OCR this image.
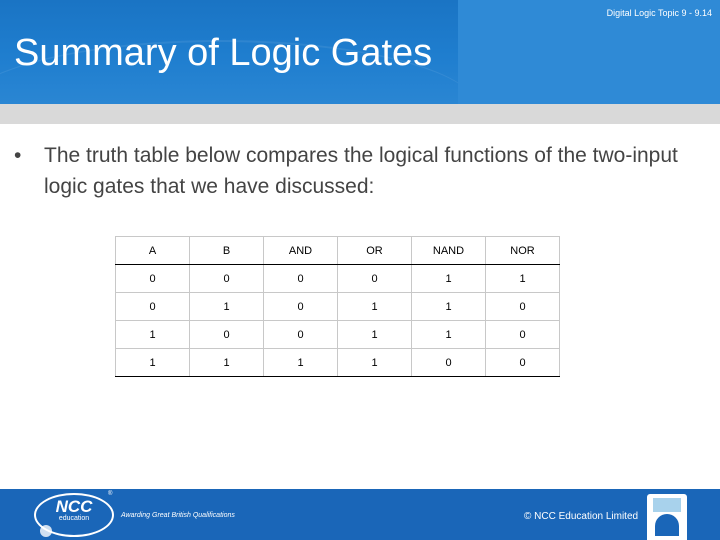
Digital Logic Topic 9 - 9.14
Summary of Logic Gates
•	The truth table below compares the logical functions of the two-input logic gates that we have discussed:
A	B	AND	OR	NAND	NOR
0	0	0	0	1	1
0	1	0	1	1	0
1	0	0	1	1	0
1	1	1	1	0	0
NCC
education
®
Awarding Great British Qualifications	© NCC Education Limited
